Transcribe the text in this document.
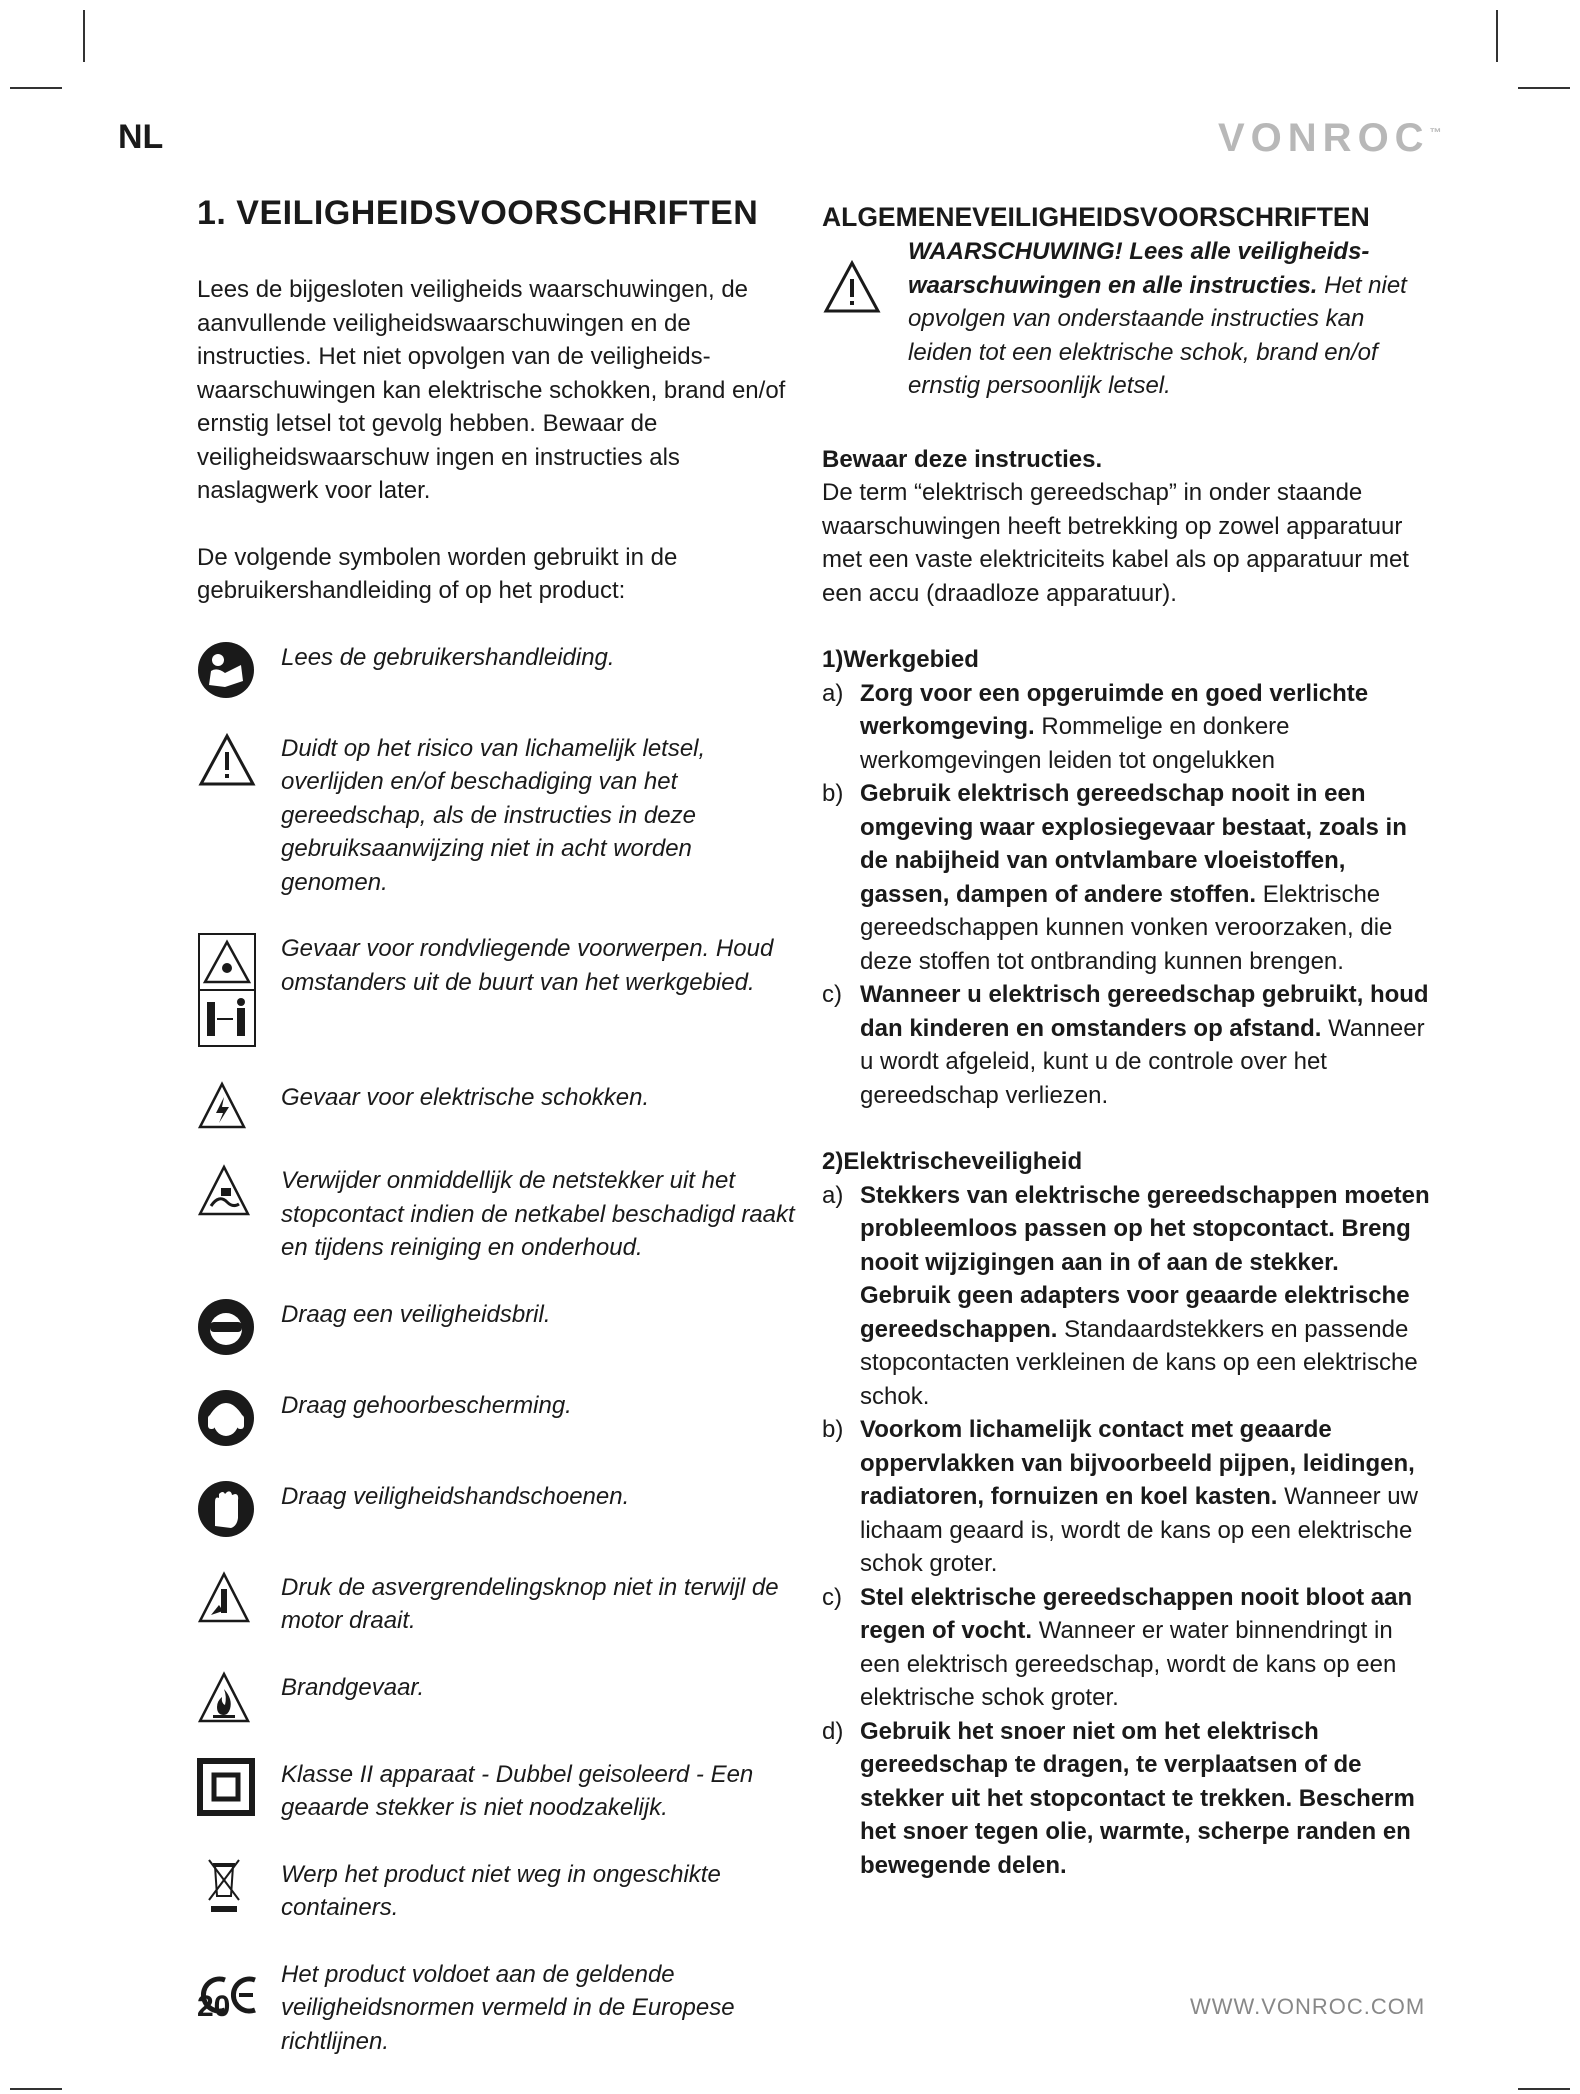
NL	VONROC™
1. VEILIGHEIDSVOORSCHRIFTEN

Lees de bijgesloten veiligheids waarschuwingen, de aanvullende veiligheidswaarschuwingen en de instructies. Het niet opvolgen van de veiligheids-waarschuwingen kan elektrische schokken, brand en/of ernstig letsel tot gevolg hebben. Bewaar de veiligheidswaarschuw ingen en instructies als naslagwerk voor later.

De volgende symbolen worden gebruikt in de gebruikershandleiding of op het product:

Lees de gebruikershandleiding.
Duidt op het risico van lichamelijk letsel, overlijden en/of beschadiging van het gereedschap, als de instructies in deze gebruiksaanwijzing niet in acht worden genomen.
Gevaar voor rondvliegende voorwerpen. Houd omstanders uit de buurt van het werkgebied.
Gevaar voor elektrische schokken.
Verwijder onmiddellijk de netstekker uit het stopcontact indien de netkabel beschadigd raakt en tijdens reiniging en onderhoud.
Draag een veiligheidsbril.
Draag gehoorbescherming.
Draag veiligheidshandschoenen.
Druk de asvergrendelingsknop niet in terwijl de motor draait.
Brandgevaar.
Klasse II apparaat - Dubbel geisoleerd - Een geaarde stekker is niet noodzakelijk.
Werp het product niet weg in ongeschikte containers.
Het product voldoet aan de geldende veiligheidsnormen vermeld in de Europese richtlijnen.
ALGEMENEVEILIGHEIDSVOORSCHRIFTEN
WAARSCHUWING! Lees alle veiligheids-waarschuwingen en alle instructies. Het niet opvolgen van onderstaande instructies kan leiden tot een elektrische schok, brand en/of ernstig persoonlijk letsel.

Bewaar deze instructies.

De term “elektrisch gereedschap” in onder staande waarschuwingen heeft betrekking op zowel apparatuur met een vaste elektriciteits kabel als op apparatuur met een accu (draadloze apparatuur).

1)Werkgebied

a) Zorg voor een opgeruimde en goed verlichte werkomgeving. Rommelige en donkere werkomgevingen leiden tot ongelukken
b) Gebruik elektrisch gereedschap nooit in een omgeving waar explosiegevaar bestaat, zoals in de nabijheid van ontvlambare vloeistoffen, gassen, dampen of andere stoffen. Elektrische gereedschappen kunnen vonken veroorzaken, die deze stoffen tot ontbranding kunnen brengen.
c) Wanneer u elektrisch gereedschap gebruikt, houd dan kinderen en omstanders op afstand. Wanneer u wordt afgeleid, kunt u de controle over het gereedschap verliezen.

2)Elektrischeveiligheid

a) Stekkers van elektrische gereedschappen moeten probleemloos passen op het stopcontact. Breng nooit wijzigingen aan in of aan de stekker. Gebruik geen adapters voor geaarde elektrische gereedschappen. Standaardstekkers en passende stopcontacten verkleinen de kans op een elektrische schok.
b) Voorkom lichamelijk contact met geaarde oppervlakken van bijvoorbeeld pijpen, leidingen, radiatoren, fornuizen en koel kasten. Wanneer uw lichaam geaard is, wordt de kans op een elektrische schok groter.
c) Stel elektrische gereedschappen nooit bloot aan regen of vocht. Wanneer er water binnendringt in een elektrisch gereedschap, wordt de kans op een elektrische schok groter.
d) Gebruik het snoer niet om het elektrisch gereedschap te dragen, te verplaatsen of de stekker uit het stopcontact te trekken. Bescherm het snoer tegen olie, warmte, scherpe randen en bewegende delen.
20	WWW.VONROC.COM
